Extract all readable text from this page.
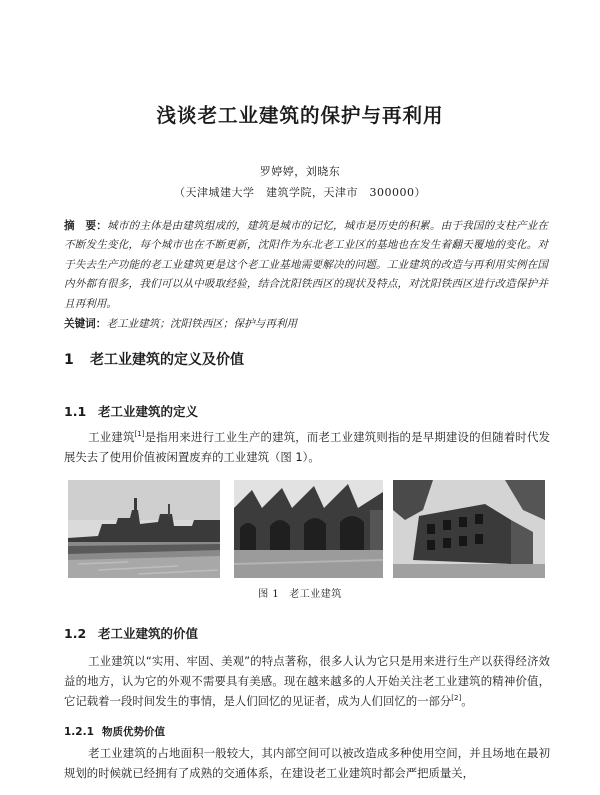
浅谈老工业建筑的保护与再利用
罗婷婷，刘晓东
（天津城建大学　建筑学院，天津市　300000）
摘　要：城市的主体是由建筑组成的，建筑是城市的记忆，城市是历史的积累。由于我国的支柱产业在不断发生变化，每个城市也在不断更新，沈阳作为东北老工业区的基地也在发生着翻天覆地的变化。对于失去生产功能的老工业建筑更是这个老工业基地需要解决的问题。工业建筑的改造与再利用实例在国内外都有很多，我们可以从中吸取经验，结合沈阳铁西区的现状及特点，对沈阳铁西区进行改造保护并且再利用。
关键词：老工业建筑；沈阳铁西区；保护与再利用
1 老工业建筑的定义及价值
1.1 老工业建筑的定义
工业建筑[1]是指用来进行工业生产的建筑，而老工业建筑则指的是早期建设的但随着时代发展失去了使用价值被闲置废弃的工业建筑（图 1）。
图 1 老工业建筑
1.2 老工业建筑的价值
工业建筑以“实用、牢固、美观”的特点著称，很多人认为它只是用来进行生产以获得经济效益的地方，认为它的外观不需要具有美感。现在越来越多的人开始关注老工业建筑的精神价值，它记载着一段时间发生的事情，是人们回忆的见证者，成为人们回忆的一部分[2]。
1.2.1 物质优势价值
老工业建筑的占地面积一般较大，其内部空间可以被改造成多种使用空间，并且场地在最初规划的时候就已经拥有了成熟的交通体系，在建设老工业建筑时都会严把质量关，
